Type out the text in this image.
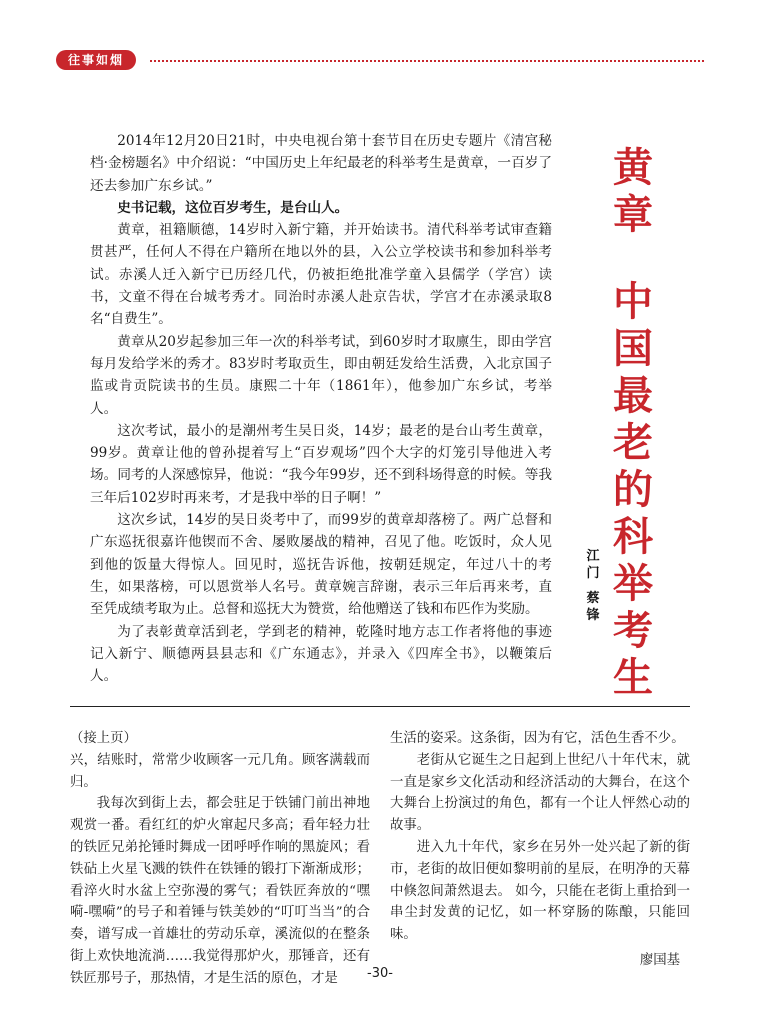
往事如烟

2014年12月20日21时，中央电视台第十套节目在历史专题片《清宫秘档·金榜题名》中介绍说：“中国历史上年纪最老的科举考生是黄章，一百岁了还去参加广东乡试。”

史书记载，这位百岁考生，是台山人。

黄章，祖籍顺德，14岁时入新宁籍，并开始读书。清代科举考试审查籍贯甚严，任何人不得在户籍所在地以外的县，入公立学校读书和参加科举考试。赤溪人迁入新宁已历经几代，仍被拒绝批准学童入县儒学（学宫）读书，文童不得在台城考秀才。同治时赤溪人赴京告状，学宫才在赤溪录取8名“自费生”。

黄章从20岁起参加三年一次的科举考试，到60岁时才取廪生，即由学宫每月发给学米的秀才。83岁时考取贡生，即由朝廷发给生活费，入北京国子监或肯贡院读书的生员。康熙二十年（1861年），他参加广东乡试，考举人。

这次考试，最小的是潮州考生吴日炎，14岁；最老的是台山考生黄章，99岁。黄章让他的曾孙提着写上“百岁观场”四个大字的灯笼引导他进入考场。同考的人深感惊异，他说：“我今年99岁，还不到科场得意的时候。等我三年后102岁时再来考，才是我中举的日子啊！”

这次乡试，14岁的吴日炎考中了，而99岁的黄章却落榜了。两广总督和广东巡抚很嘉许他锲而不舍、屡败屡战的精神，召见了他。吃饭时，众人见到他的饭量大得惊人。回见时，巡抚告诉他，按朝廷规定，年过八十的考生，如果落榜，可以恩赏举人名号。黄章婉言辞谢，表示三年后再来考，直至凭成绩考取为止。总督和巡抚大为赞赏，给他赠送了钱和布匹作为奖励。

为了表彰黄章活到老，学到老的精神，乾隆时地方志工作者将他的事迹记入新宁、顺德两县县志和《广东通志》，并录入《四库全书》，以鞭策后人。

黄
章
中
国
最
老
的
科
举
考
生
江
门
蔡
锋

（接上页）

兴，结账时，常常少收顾客一元几角。顾客满载而归。

我每次到街上去，都会驻足于铁铺门前出神地观赏一番。看红红的炉火窜起尺多高；看年轻力壮的铁匠兄弟抡锤时舞成一团呼呼作响的黑旋风；看铁砧上火星飞溅的铁件在铁锤的锻打下渐渐成形；看淬火时水盆上空弥漫的雾气；看铁匠奔放的“嘿嗬-嘿嗬”的号子和着锤与铁美妙的“叮叮当当”的合奏，谱写成一首雄壮的劳动乐章，溪流似的在整条街上欢快地流淌……我觉得那炉火，那锤音，还有铁匠那号子，那热情，才是生活的原色，才是

生活的姿采。这条街，因为有它，活色生香不少。

老街从它诞生之日起到上世纪八十年代末，就一直是家乡文化活动和经济活动的大舞台，在这个大舞台上扮演过的角色，都有一个让人怦然心动的故事。

进入九十年代，家乡在另外一处兴起了新的街市，老街的故旧便如黎明前的星辰，在明净的天幕中倏忽间萧然退去。 如今，只能在老街上重拾到一串尘封发黄的记忆，如一杯穿肠的陈酿，只能回味。

廖国基
-30-
